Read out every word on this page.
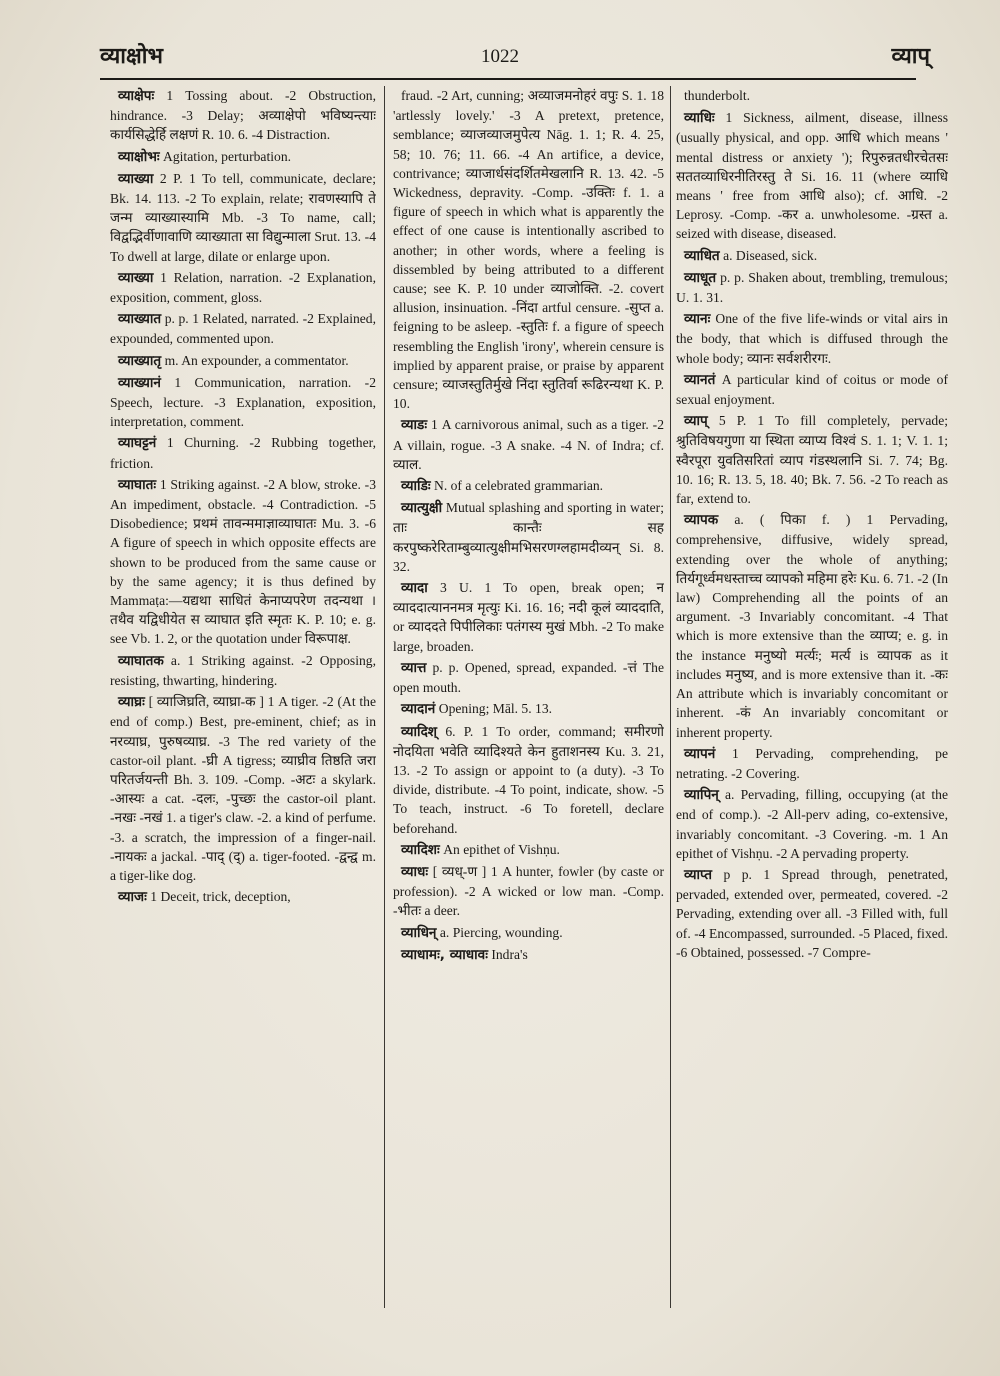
व्याक्षोभ	1022	व्याप्

व्याक्षेपः 1 Tossing about. -2 Obstruction, hindrance. -3 Delay; अव्याक्षेपो भविष्यन्त्याः कार्यसिद्धेर्हि लक्षणं R. 10. 6. -4 Distraction.

व्याक्षोभः Agitation, perturbation.

व्याख्या 2 P. 1 To tell, communicate, declare; Bk. 14. 113. -2 To explain, relate; रावणस्यापि ते जन्म व्याख्यास्यामि Mb. -3 To name, call; विद्वद्भिर्वीणावाणि व्याख्याता सा विद्युन्माला Srut. 13. -4 To dwell at large, dilate or enlarge upon.

व्याख्या 1 Relation, narration. -2 Explanation, exposition, comment, gloss.

व्याख्यात p. p. 1 Related, narrated. -2 Explained, expounded, commented upon.

व्याख्यातृ m. An expounder, a commentator.

व्याख्यानं 1 Communication, narration. -2 Speech, lecture. -3 Explanation, exposition, interpretation, comment.

व्याघट्टनं 1 Churning. -2 Rubbing together, friction.

व्याघातः 1 Striking against. -2 A blow, stroke. -3 An impediment, obstacle. -4 Contradiction. -5 Disobedience; प्रथमं तावन्ममाज्ञाव्याघातः Mu. 3. -6 A figure of speech in which opposite effects are shown to be produced from the same cause or by the same agency; it is thus defined by Mammaṭa:—यद्यथा साधितं केनाप्यपरेण तदन्यथा । तथैव यद्विधीयेत स व्याघात इति स्मृतः K. P. 10; e. g. see Vb. 1. 2, or the quotation under विरूपाक्ष.

व्याघातक a. 1 Striking against. -2 Opposing, resisting, thwarting, hindering.

व्याघ्रः [ व्याजिघ्रति, व्याघ्रा-क ] 1 A tiger. -2 (At the end of comp.) Best, pre-eminent, chief; as in नरव्याघ्र, पुरुषव्याघ्र. -3 The red variety of the castor-oil plant. -घ्री A tigress; व्याघ्रीव तिष्ठति जरा परितर्जयन्ती Bh. 3. 109. -Comp. -अटः a skylark. -आस्यः a cat. -दलः, -पुच्छः the castor-oil plant. -नखः -नखं 1. a tiger's claw. -2. a kind of perfume. -3. a scratch, the impression of a finger-nail. -नायकः a jackal. -पाद् (द्) a. tiger-footed. -द्वन्द्व m. a tiger-like dog.

व्याजः 1 Deceit, trick, deception,

fraud. -2 Art, cunning; अव्याजमनोहरं वपुः S. 1. 18 'artlessly lovely.' -3 A pretext, pretence, semblance; व्याजव्याजमुपेत्य Nāg. 1. 1; R. 4. 25, 58; 10. 76; 11. 66. -4 An artifice, a device, contrivance; व्याजार्धसंदर्शितमेखलानि R. 13. 42. -5 Wickedness, depravity. -Comp. -उक्तिः f. 1. a figure of speech in which what is apparently the effect of one cause is intentionally ascribed to another; in other words, where a feeling is dissembled by being attributed to a different cause; see K. P. 10 under व्याजोक्ति. -2. covert allusion, insinuation. -निंदा artful censure. -सुप्त a. feigning to be asleep. -स्तुतिः f. a figure of speech resembling the English 'irony', wherein censure is implied by apparent praise, or praise by apparent censure; व्याजस्तुतिर्मुखे निंदा स्तुतिर्वा रूढिरन्यथा K. P. 10.

व्याडः 1 A carnivorous animal, such as a tiger. -2 A villain, rogue. -3 A snake. -4 N. of Indra; cf. व्याल.

व्याडिः N. of a celebrated grammarian.

व्यात्युक्षी Mutual splashing and sporting in water; ताः कान्तैः सह करपुष्करेरिताम्बुव्यात्युक्षीमभिसरणग्लहामदीव्यन् Si. 8. 32.

व्यादा 3 U. 1 To open, break open; न व्याददात्याननमत्र मृत्युः Ki. 16. 16; नदी कूलं व्याददाति, or व्याददते पिपीलिकाः पतंगस्य मुखं Mbh. -2 To make large, broaden.

व्यात्त p. p. Opened, spread, expanded. -त्तं The open mouth.

व्यादानं Opening; Māl. 5. 13.

व्यादिश् 6. P. 1 To order, command; समीरणो नोदयिता भवेति व्यादिश्यते केन हुताशनस्य Ku. 3. 21, 13. -2 To assign or appoint to (a duty). -3 To divide, distribute. -4 To point, indicate, show. -5 To teach, instruct. -6 To foretell, declare beforehand.

व्यादिशः An epithet of Vishṇu.

व्याधः [ व्यध्-ण ] 1 A hunter, fowler (by caste or profession). -2 A wicked or low man. -Comp. -भीतः a deer.

व्याधिन् a. Piercing, wounding.

व्याधामः, व्याधावः Indra's

thunderbolt.

व्याधिः 1 Sickness, ailment, disease, illness (usually physical, and opp. आधि which means ' mental distress or anxiety '); रिपुरुन्नतधीरचेतसः सततव्याधिरनीतिरस्तु ते Si. 16. 11 (where व्याधि means ' free from आधि also); cf. आधि. -2 Leprosy. -Comp. -कर a. unwholesome. -ग्रस्त a. seized with disease, diseased.

व्याधित a. Diseased, sick.

व्याधूत p. p. Shaken about, trembling, tremulous; U. 1. 31.

व्यानः One of the five life-winds or vital airs in the body, that which is diffused through the whole body; व्यानः सर्वशरीरगः.

व्यानतं A particular kind of coitus or mode of sexual enjoyment.

व्याप् 5 P. 1 To fill completely, pervade; श्रुतिविषयगुणा या स्थिता व्याप्य विश्वं S. 1. 1; V. 1. 1; स्वैरपूरा युवतिसरितां व्याप गंडस्थलानि Si. 7. 74; Bg. 10. 16; R. 13. 5, 18. 40; Bk. 7. 56. -2 To reach as far, extend to.

व्यापक a. ( पिका f. ) 1 Pervading, comprehensive, diffusive, widely spread, extending over the whole of anything; तिर्यगूर्ध्वमधस्ताच्च व्यापको महिमा हरेः Ku. 6. 71. -2 (In law) Comprehending all the points of an argument. -3 Invariably concomitant. -4 That which is more extensive than the व्याप्य; e. g. in the instance मनुष्यो मर्त्यः; मर्त्य is व्यापक as it includes मनुष्य, and is more extensive than it. -कः An attribute which is invariably concomitant or inherent. -कं An invariably concomitant or inherent property.

व्यापनं 1 Pervading, comprehending, pe netrating. -2 Covering.

व्यापिन् a. Pervading, filling, occupying (at the end of comp.). -2 All-perv ading, co-extensive, invariably concomitant. -3 Covering. -m. 1 An epithet of Vishṇu. -2 A pervading property.

व्याप्त p p. 1 Spread through, penetrated, pervaded, extended over, permeated, covered. -2 Pervading, extending over all. -3 Filled with, full of. -4 Encompassed, surrounded. -5 Placed, fixed. -6 Obtained, possessed. -7 Compre-
